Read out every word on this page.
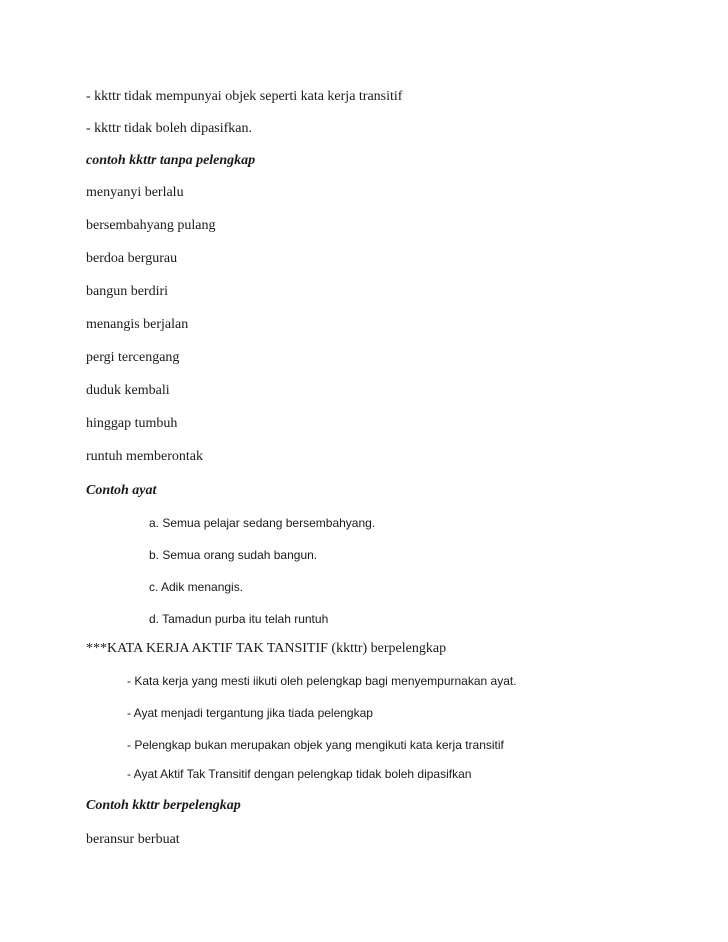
- kkttr tidak mempunyai objek seperti kata kerja transitif
- kkttr tidak boleh dipasifkan.
contoh kkttr tanpa pelengkap
menyanyi berlalu
bersembahyang pulang
berdoa bergurau
bangun berdiri
menangis berjalan
pergi tercengang
duduk kembali
hinggap tumbuh
runtuh memberontak
Contoh ayat
a. Semua pelajar sedang bersembahyang.
b. Semua orang sudah bangun.
c. Adik menangis.
d. Tamadun purba itu telah runtuh
***KATA KERJA AKTIF TAK TANSITIF (kkttr) berpelengkap
- Kata kerja yang mesti iikuti oleh pelengkap bagi menyempurnakan ayat.
- Ayat menjadi tergantung jika tiada pelengkap
- Pelengkap bukan merupakan objek yang mengikuti kata kerja transitif
- Ayat Aktif Tak Transitif dengan pelengkap tidak boleh dipasifkan
Contoh kkttr berpelengkap
beransur berbuat
